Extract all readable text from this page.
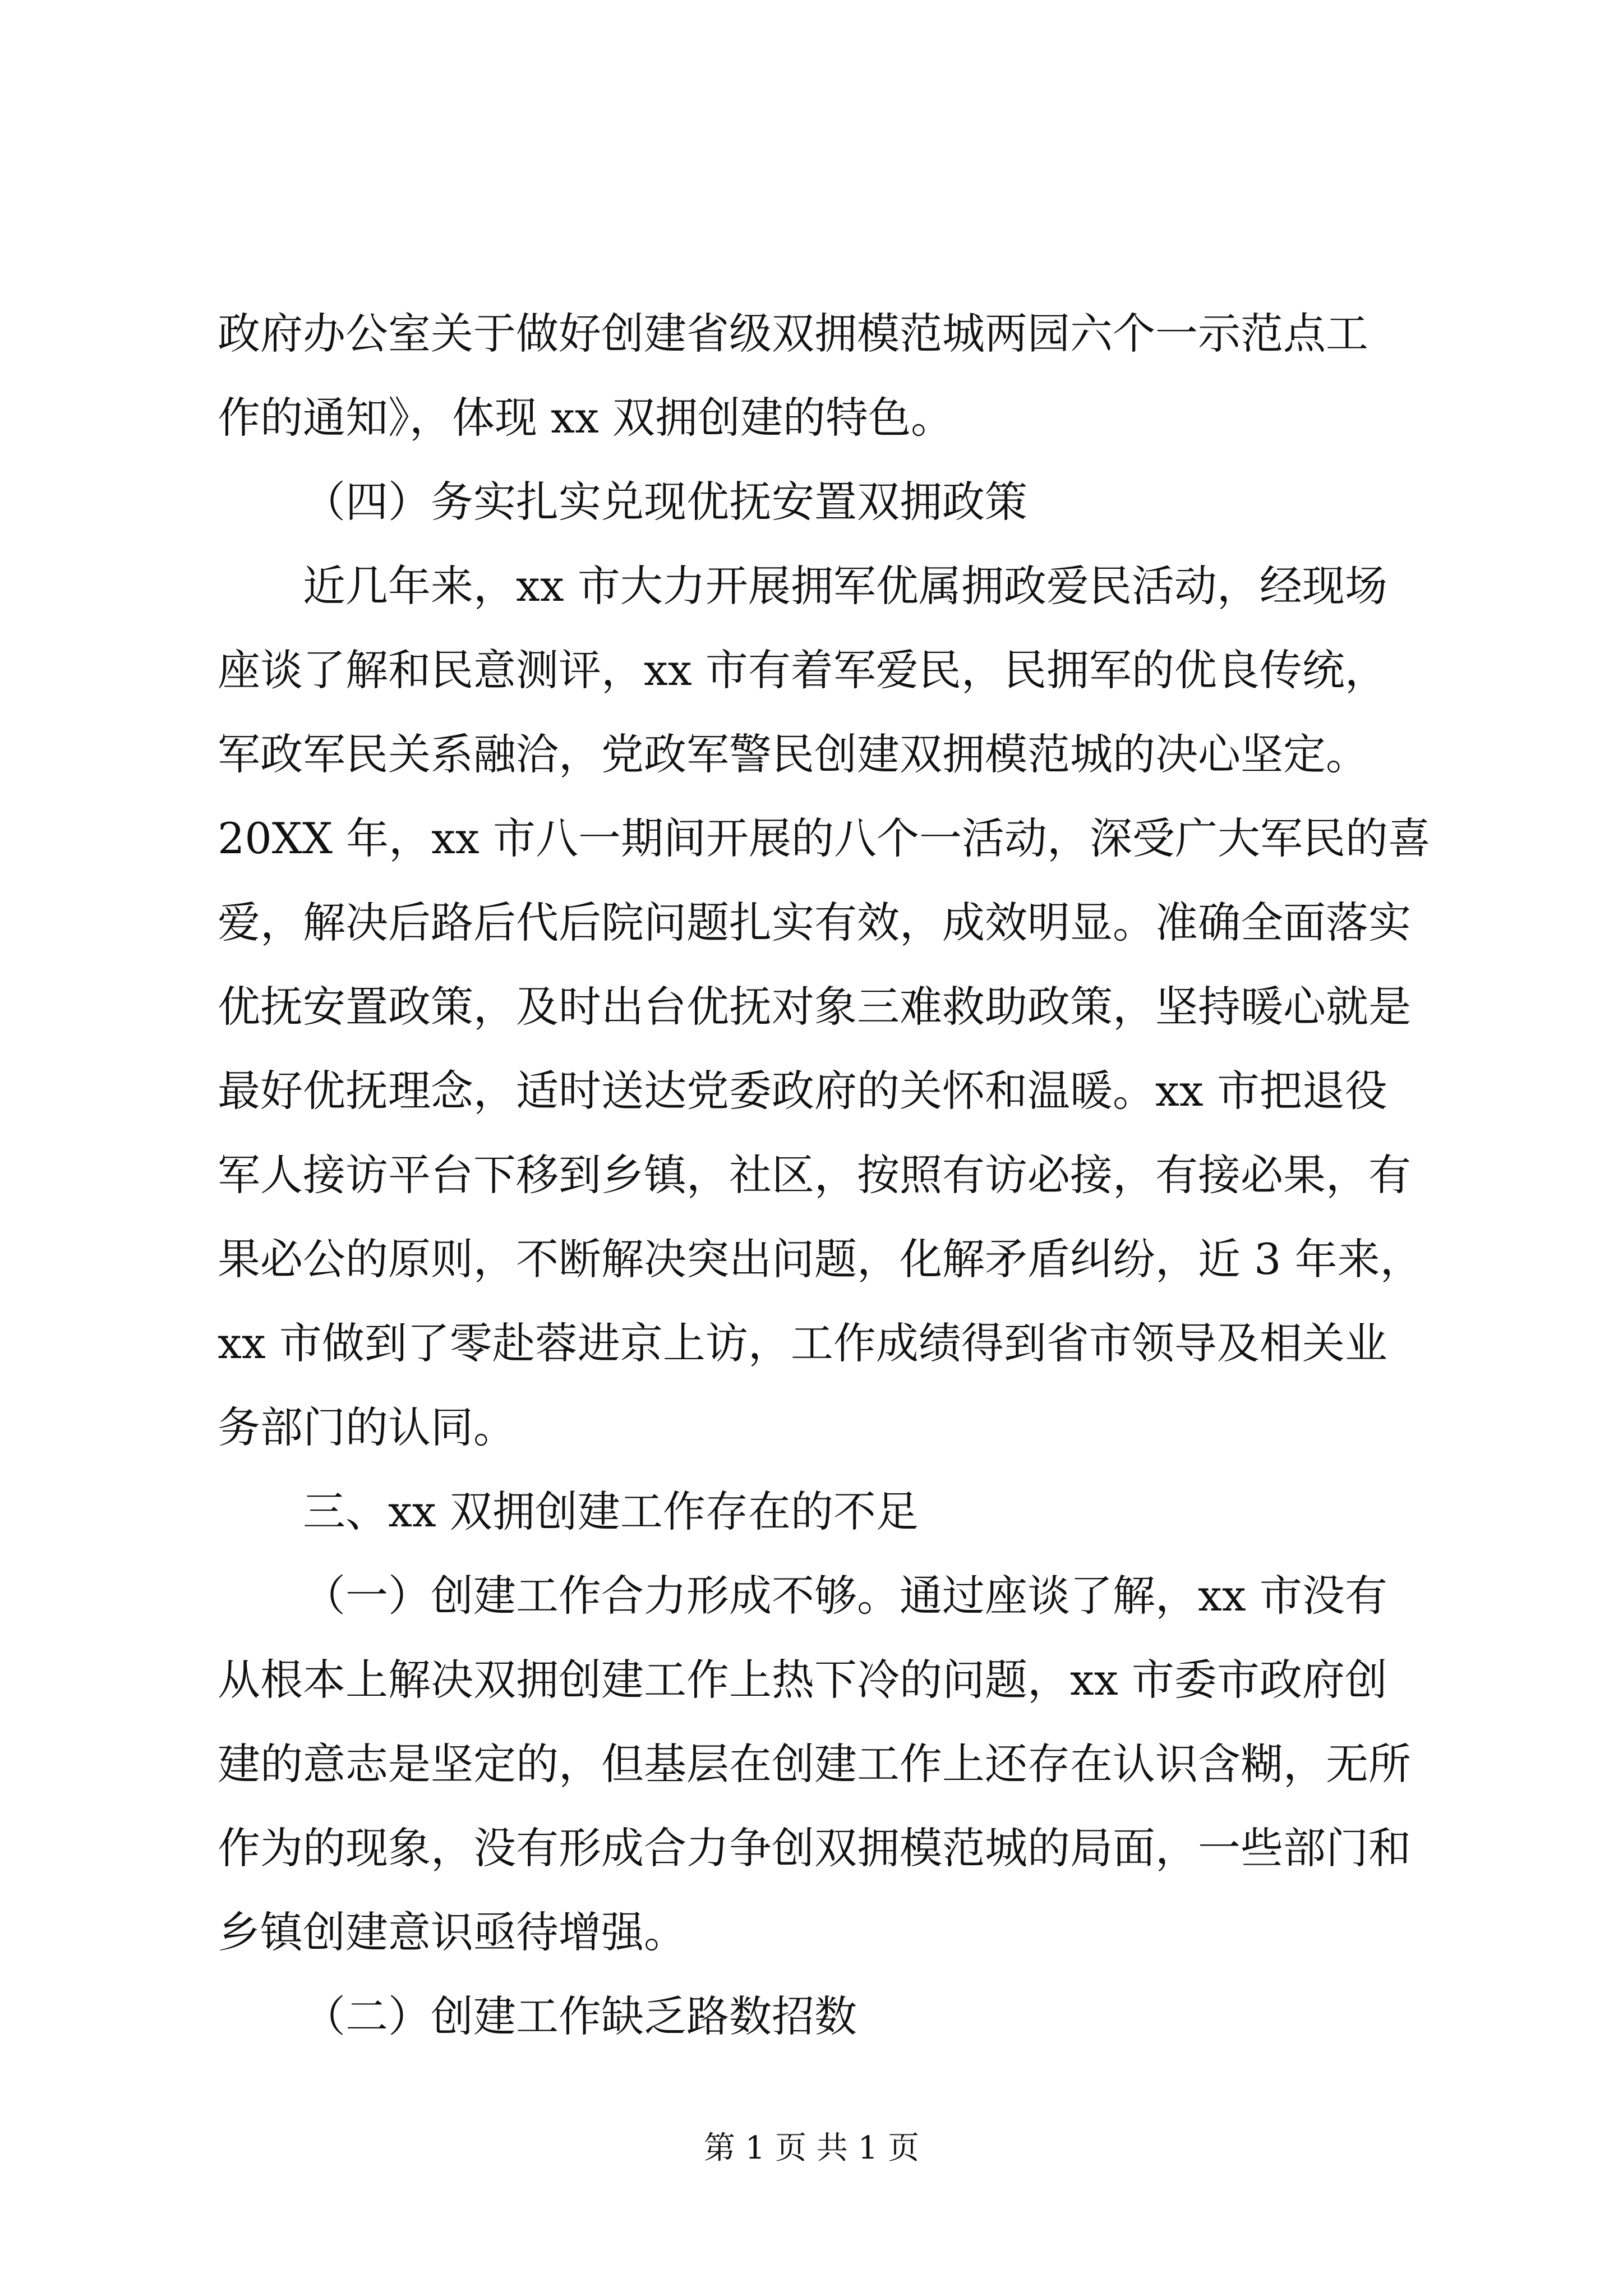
政府办公室关于做好创建省级双拥模范城两园六个一示范点工
作的通知》，体现 xx 双拥创建的特色。
（四）务实扎实兑现优抚安置双拥政策
近几年来，xx 市大力开展拥军优属拥政爱民活动，经现场
座谈了解和民意测评，xx 市有着军爱民，民拥军的优良传统，
军政军民关系融洽，党政军警民创建双拥模范城的决心坚定。
20XX 年，xx 市八一期间开展的八个一活动，深受广大军民的喜
爱，解决后路后代后院问题扎实有效，成效明显。准确全面落实
优抚安置政策，及时出台优抚对象三难救助政策，坚持暖心就是
最好优抚理念，适时送达党委政府的关怀和温暖。xx 市把退役
军人接访平台下移到乡镇，社区，按照有访必接，有接必果，有
果必公的原则，不断解决突出问题，化解矛盾纠纷，近 3 年来，
xx 市做到了零赴蓉进京上访，工作成绩得到省市领导及相关业
务部门的认同。
三、xx 双拥创建工作存在的不足
（一）创建工作合力形成不够。通过座谈了解，xx 市没有
从根本上解决双拥创建工作上热下冷的问题，xx 市委市政府创
建的意志是坚定的，但基层在创建工作上还存在认识含糊，无所
作为的现象，没有形成合力争创双拥模范城的局面，一些部门和
乡镇创建意识亟待增强。
（二）创建工作缺乏路数招数
第 1 页 共 1 页
